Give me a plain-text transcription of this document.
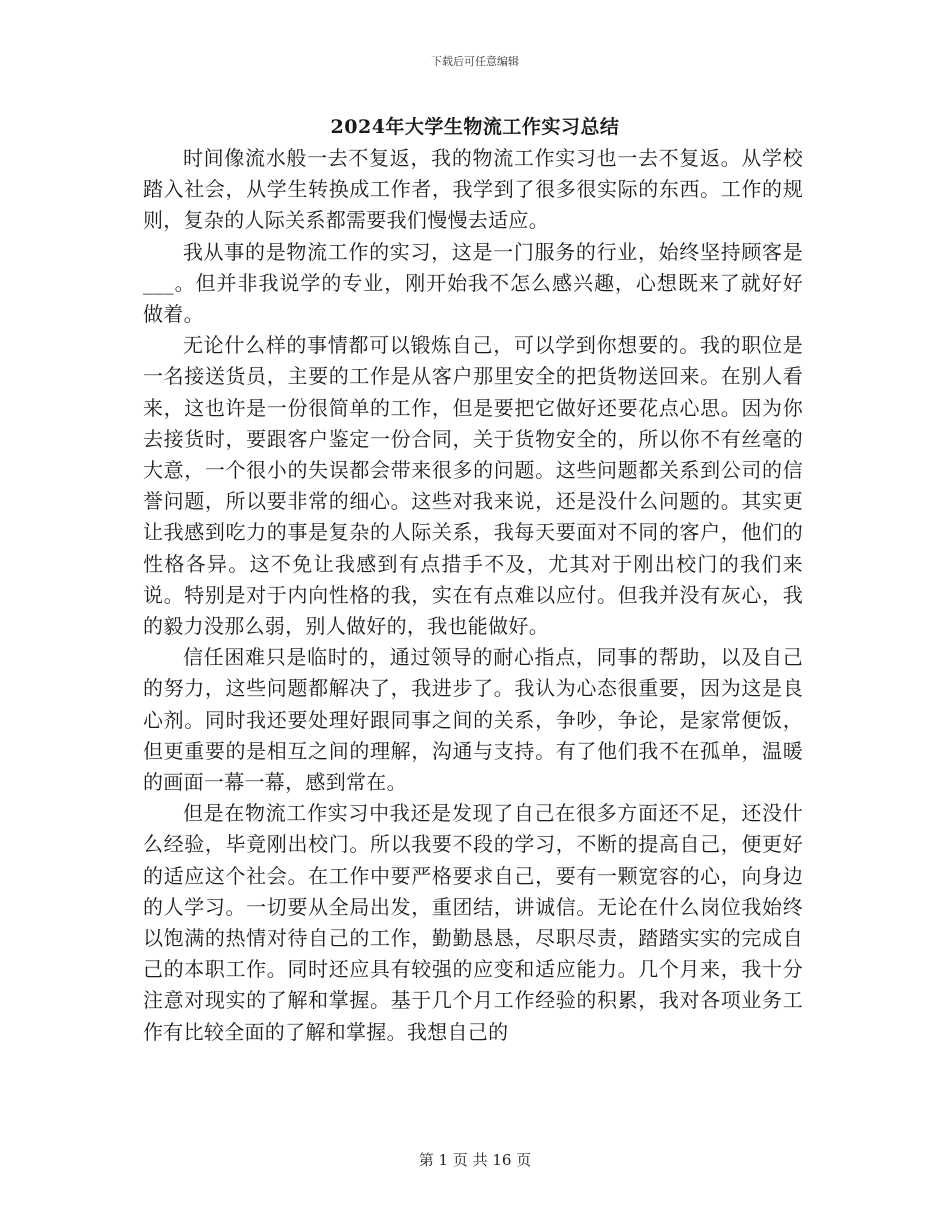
下载后可任意编辑
2024年大学生物流工作实习总结

时间像流水般一去不复返，我的物流工作实习也一去不复返。从学校踏入社会，从学生转换成工作者，我学到了很多很实际的东西。工作的规则，复杂的人际关系都需要我们慢慢去适应。

我从事的是物流工作的实习，这是一门服务的行业，始终坚持顾客是___。但并非我说学的专业，刚开始我不怎么感兴趣，心想既来了就好好做着。

无论什么样的事情都可以锻炼自己，可以学到你想要的。我的职位是一名接送货员，主要的工作是从客户那里安全的把货物送回来。在别人看来，这也许是一份很简单的工作，但是要把它做好还要花点心思。因为你去接货时，要跟客户鉴定一份合同，关于货物安全的，所以你不有丝毫的大意，一个很小的失误都会带来很多的问题。这些问题都关系到公司的信誉问题，所以要非常的细心。这些对我来说，还是没什么问题的。其实更让我感到吃力的事是复杂的人际关系，我每天要面对不同的客户，他们的性格各异。这不免让我感到有点措手不及，尤其对于刚出校门的我们来说。特别是对于内向性格的我，实在有点难以应付。但我并没有灰心，我的毅力没那么弱，别人做好的，我也能做好。

信任困难只是临时的，通过领导的耐心指点，同事的帮助，以及自己的努力，这些问题都解决了，我进步了。我认为心态很重要，因为这是良心剂。同时我还要处理好跟同事之间的关系，争吵，争论，是家常便饭，但更重要的是相互之间的理解，沟通与支持。有了他们我不在孤单，温暖的画面一幕一幕，感到常在。

但是在物流工作实习中我还是发现了自己在很多方面还不足，还没什么经验，毕竟刚出校门。所以我要不段的学习，不断的提高自己，便更好的适应这个社会。在工作中要严格要求自己，要有一颗宽容的心，向身边的人学习。一切要从全局出发，重团结，讲诚信。无论在什么岗位我始终以饱满的热情对待自己的工作，勤勤恳恳，尽职尽责，踏踏实实的完成自己的本职工作。同时还应具有较强的应变和适应能力。几个月来，我十分注意对现实的了解和掌握。基于几个月工作经验的积累，我对各项业务工作有比较全面的了解和掌握。我想自己的

第 1 页 共 16 页
